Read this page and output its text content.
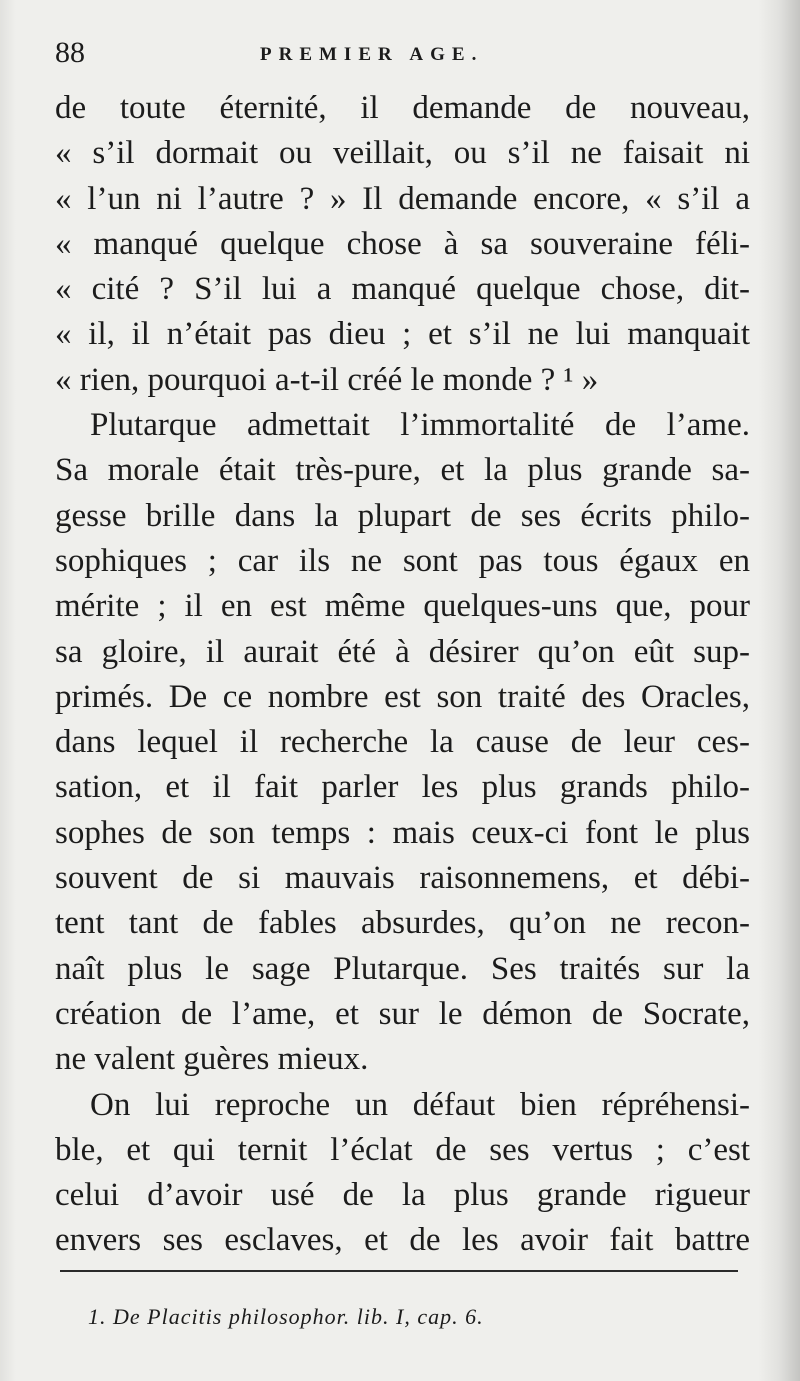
88	PREMIER AGE.
de toute éternité, il demande de nouveau,
« s’il dormait ou veillait, ou s’il ne faisait ni
« l’un ni l’autre ? » Il demande encore, « s’il a
« manqué quelque chose à sa souveraine féli-
« cité ? S’il lui a manqué quelque chose, dit-
« il, il n’était pas dieu ; et s’il ne lui manquait
« rien, pourquoi a-t-il créé le monde ? ¹ »
Plutarque admettait l’immortalité de l’ame.
Sa morale était très-pure, et la plus grande sa-
gesse brille dans la plupart de ses écrits philo-
sophiques ; car ils ne sont pas tous égaux en
mérite ; il en est même quelques-uns que, pour
sa gloire, il aurait été à désirer qu’on eût sup-
primés. De ce nombre est son traité des Oracles,
dans lequel il recherche la cause de leur ces-
sation, et il fait parler les plus grands philo-
sophes de son temps : mais ceux-ci font le plus
souvent de si mauvais raisonnemens, et débi-
tent tant de fables absurdes, qu’on ne recon-
naît plus le sage Plutarque. Ses traités sur la
création de l’ame, et sur le démon de Socrate,
ne valent guères mieux.
On lui reproche un défaut bien répréhensi-
ble, et qui ternit l’éclat de ses vertus ; c’est
celui d’avoir usé de la plus grande rigueur
envers ses esclaves, et de les avoir fait battre
1. De Placitis philosophor. lib. I, cap. 6.
